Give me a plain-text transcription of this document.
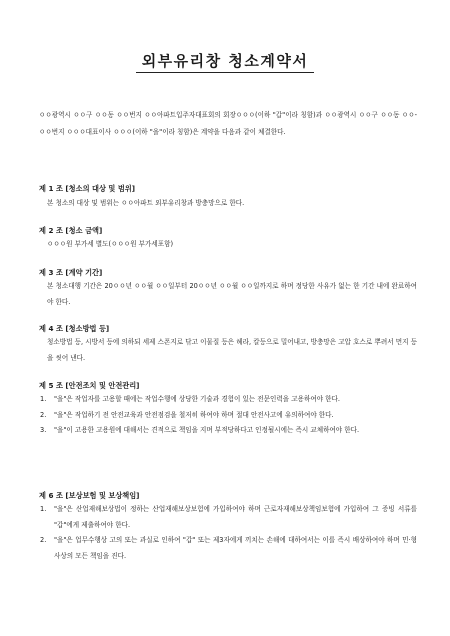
외부유리창 청소계약서
ㅇㅇ광역시 ㅇㅇ구 ㅇㅇ동 ㅇㅇ번지 ㅇㅇ아파트입주자대표회의 회장ㅇㅇㅇ(이하 "갑"이라 칭함)과 ㅇㅇ광역시 ㅇㅇ구 ㅇㅇ동 ㅇㅇ-ㅇㅇ번지 ㅇㅇㅇ대표이사 ㅇㅇㅇ(이하 "을"이라 칭함)은 계약을 다음과 같이 체결한다.
제 1 조 [청소의 대상 및 범위]
본 청소의 대상 및 범위는 ㅇㅇ아파트 외부유리창과 방충망으로 한다.
제 2 조 [청소 금액]
ㅇㅇㅇ원 부가세 별도(ㅇㅇㅇ원 부가세포함)
제 3 조 [계약 기간]
본 청소대행 기간은 20ㅇㅇ년 ㅇㅇ월 ㅇㅇ일부터 20ㅇㅇ년 ㅇㅇ월 ㅇㅇ일까지로 하며 정당한 사유가 없는 한 기간 내에 완료하여야 한다.
제 4 조 [청소방법 등]
청소방법 등, 시방서 등에 의하되 세제 스폰지로 닦고 이물질 등은 헤라, 칼등으로 밀어내고, 방충망은 고압 호스로 뿌려서 먼지 등을 씻어 낸다.
제 5 조 [안전조치 및 안전관리]
1. "을"은 작업자를 고용할 때에는 작업수행에 상당한 기술과 경험이 있는 전문인력을 고용하여야 한다.
2. "을"은 작업하기 전 안전교육과 안전점검을 철저히 하여야 하며 절대 안전사고에 유의하여야 한다.
3. "을"이 고용한 고용원에 대해서는 견적으로 책임을 지며 부적당하다고 인정될시에는 즉시 교체하여야 한다.
제 6 조 [보상보험 및 보상책임]
1. "을"은 산업재해보상법이 정하는 산업재해보상보험에 가입하여야 하며 근로자재해보상책임보험에 가입하여 그 증빙 서류를 "갑"에게 제출하여야 한다.
2. "을"은 업무수행상 고의 또는 과실로 인하여 "갑" 또는 제3자에게 끼치는 손해에 대하여서는 이를 즉시 배상하여야 하며 민·형사상의 모든 책임을 진다.
